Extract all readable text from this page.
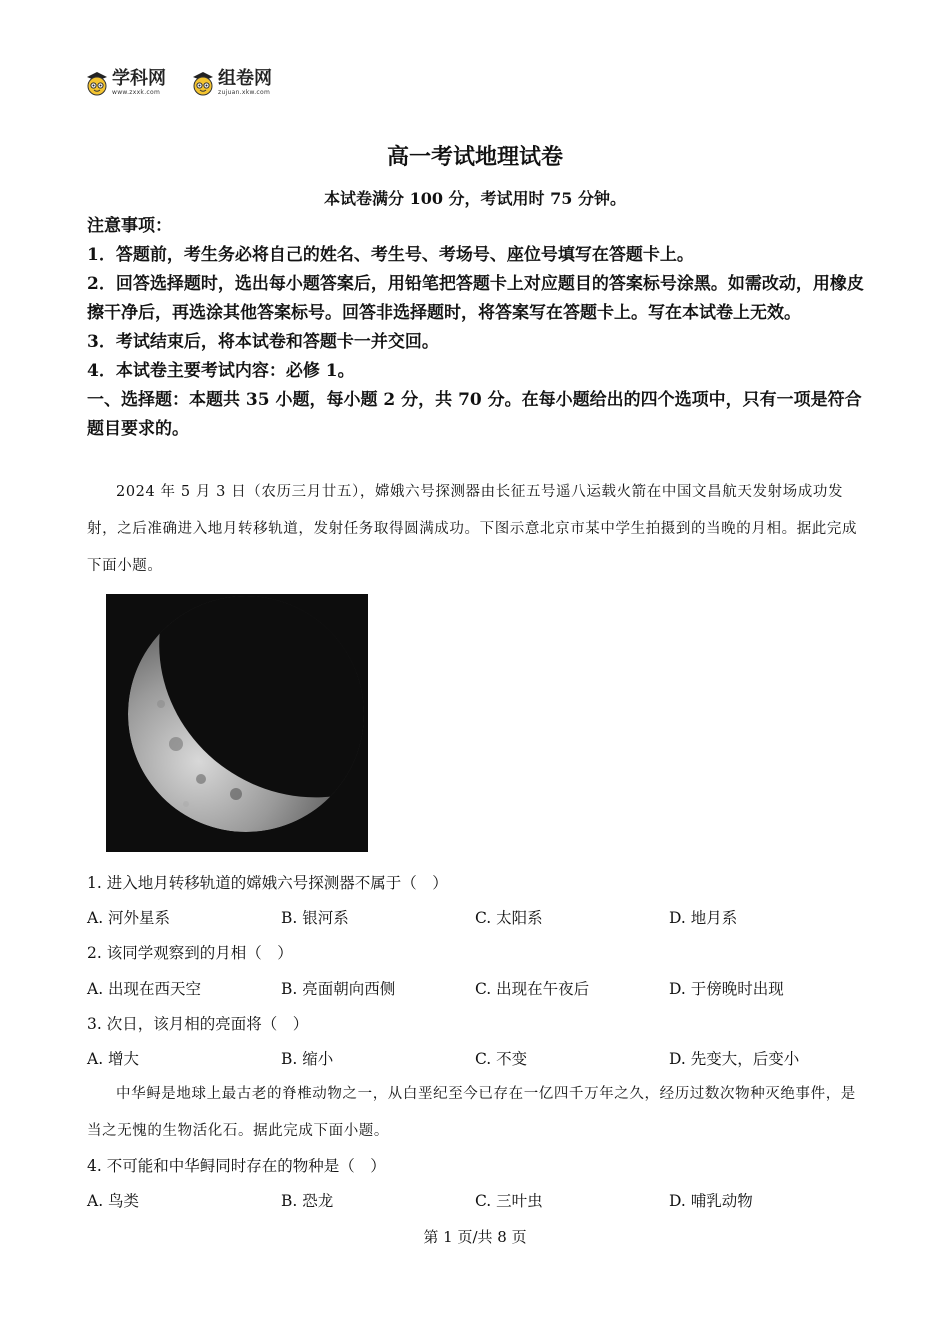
学科网
www.zxxk.com
组卷网
zujuan.xkw.com
高一考试地理试卷
本试卷满分 100 分，考试用时 75 分钟。
注意事项：
1．答题前，考生务必将自己的姓名、考生号、考场号、座位号填写在答题卡上。
2．回答选择题时，选出每小题答案后，用铅笔把答题卡上对应题目的答案标号涂黑。如需改动，用橡皮擦干净后，再选涂其他答案标号。回答非选择题时，将答案写在答题卡上。写在本试卷上无效。
3．考试结束后，将本试卷和答题卡一并交回。
4．本试卷主要考试内容：必修 1。
一、选择题：本题共 35 小题，每小题 2 分，共 70 分。在每小题给出的四个选项中，只有一项是符合题目要求的。
2024 年 5 月 3 日（农历三月廿五），嫦娥六号探测器由长征五号遥八运载火箭在中国文昌航天发射场成功发射，之后准确进入地月转移轨道，发射任务取得圆满成功。下图示意北京市某中学生拍摄到的当晚的月相。据此完成下面小题。
1. 进入地月转移轨道的嫦娥六号探测器不属于（　）
A. 河外星系	B. 银河系	C. 太阳系	D. 地月系
2. 该同学观察到的月相（　）
A. 出现在西天空	B. 亮面朝向西侧	C. 出现在午夜后	D. 于傍晚时出现
3. 次日，该月相的亮面将（　）
A. 增大	B. 缩小	C. 不变	D. 先变大，后变小
中华鲟是地球上最古老的脊椎动物之一，从白垩纪至今已存在一亿四千万年之久，经历过数次物种灭绝事件，是当之无愧的生物活化石。据此完成下面小题。
4. 不可能和中华鲟同时存在的物种是（　）
A. 鸟类	B. 恐龙	C. 三叶虫	D. 哺乳动物
第 1 页/共 8 页
